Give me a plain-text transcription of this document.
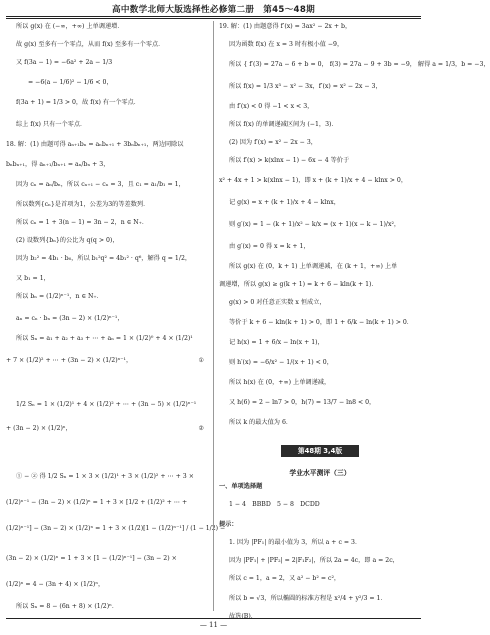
高中数学北师大版选择性必修第二册　第45～48期
所以 g(x) 在 (−∞，+∞) 上单调递增．
故 g(x) 至多有一个零点，从而 f(x) 至多有一个零点．
又 f(3a − 1) = −6a² + 2a − 1/3
= −6(a − 1/6)² − 1/6 < 0，
f(3a + 1) = 1/3 > 0，故 f(x) 有一个零点．
综上 f(x) 只有一个零点．
18. 解：(1) 由题可得 aₙ₊₁bₙ = aₙbₙ₊₁ + 3bₙbₙ₊₁，两边同除以
bₙbₙ₊₁，得 aₙ₊₁/bₙ₊₁ = aₙ/bₙ + 3，
因为 cₙ = aₙ/bₙ，所以 cₙ₊₁ − cₙ = 3，且 c₁ = a₁/b₁ = 1，
所以数列{cₙ}是首项为1，公差为3的等差数列．
所以 cₙ = 1 + 3(n − 1) = 3n − 2，n ∈ N₊．
(2) 设数列{bₙ}的公比为 q(q > 0)，
因为 b₂² = 4b₁ · b₆，所以 b₁²q² = 4b₁² · q⁶，解得 q = 1/2，
又 b₁ = 1，
所以 bₙ = (1/2)ⁿ⁻¹，n ∈ N₊．
aₙ = cₙ · bₙ = (3n − 2) × (1/2)ⁿ⁻¹，
所以 Sₙ = a₁ + a₂ + a₃ + ⋯ + aₙ = 1 × (1/2)⁰ + 4 × (1/2)¹
+ 7 × (1/2)² + ⋯ + (3n − 2) × (1/2)ⁿ⁻¹，	①
1/2 Sₙ = 1 × (1/2)¹ + 4 × (1/2)² + ⋯ + (3n − 5) × (1/2)ⁿ⁻¹
+ (3n − 2) × (1/2)ⁿ，	②
① − ② 得 1/2 Sₙ = 1 × 3 × (1/2)¹ + 3 × (1/2)² + ⋯ + 3 ×
(1/2)ⁿ⁻¹ − (3n − 2) × (1/2)ⁿ = 1 + 3 × [1/2 + (1/2)² + ⋯ +
(1/2)ⁿ⁻¹] − (3n − 2) × (1/2)ⁿ = 1 + 3 × (1/2)[1 − (1/2)ⁿ⁻¹] / (1 − 1/2) −
(3n − 2) × (1/2)ⁿ = 1 + 3 × [1 − (1/2)ⁿ⁻¹] − (3n − 2) ×
(1/2)ⁿ = 4 − (3n + 4) × (1/2)ⁿ，
所以 Sₙ = 8 − (6n + 8) × (1/2)ⁿ．
19. 解：(1) 由题意得 f′(x) = 3ax² − 2x + b，
因为函数 f(x) 在 x = 3 时有极小值 −9，
所以 { f′(3) = 27a − 6 + b = 0， f(3) = 27a − 9 + 3b = −9， 解得 a = 1/3，b = −3，
所以 f(x) = 1/3 x³ − x² − 3x，f′(x) = x² − 2x − 3，
由 f′(x) < 0 得 −1 < x < 3，
所以 f(x) 的单调递减区间为 (−1，3)．
(2) 因为 f′(x) = x² − 2x − 3，
所以 f′(x) > k(xlnx − 1) − 6x − 4 等价于
x² + 4x + 1 > k(xlnx − 1)，即 x + (k + 1)/x + 4 − klnx > 0，
记 g(x) = x + (k + 1)/x + 4 − klnx，
则 g′(x) = 1 − (k + 1)/x² − k/x = (x + 1)(x − k − 1)/x²，
由 g′(x) = 0 得 x = k + 1，
所以 g(x) 在 (0，k + 1) 上单调递减，在 (k + 1，+∞) 上单
调递增，所以 g(x) ≥ g(k + 1) = k + 6 − kln(k + 1)．
g(x) > 0 对任意正实数 x 恒成立，
等价于 k + 6 − kln(k + 1) > 0，即 1 + 6/k − ln(k + 1) > 0．
记 h(x) = 1 + 6/x − ln(x + 1)，
则 h′(x) = −6/x² − 1/(x + 1) < 0，
所以 h(x) 在 (0，+∞) 上单调递减，
又 h(6) = 2 − ln7 > 0，h(7) = 13/7 − ln8 < 0，
所以 k 的最大值为 6．
第48期 3,4版
学业水平测评（三）
一、单项选择题
1 − 4　BBBD　5 − 8　DCDD
提示：
1. 因为 |PF₁| 的最小值为 3，所以 a + c = 3．
因为 |PF₁| + |PF₂| = 2|F₁F₂|，所以 2a = 4c，即 a = 2c，
所以 c = 1，a = 2，又 a² − b² = c²，
所以 b = √3，所以椭圆的标准方程是 x²/4 + y²/3 = 1．
故选(B)．
— 11 —
